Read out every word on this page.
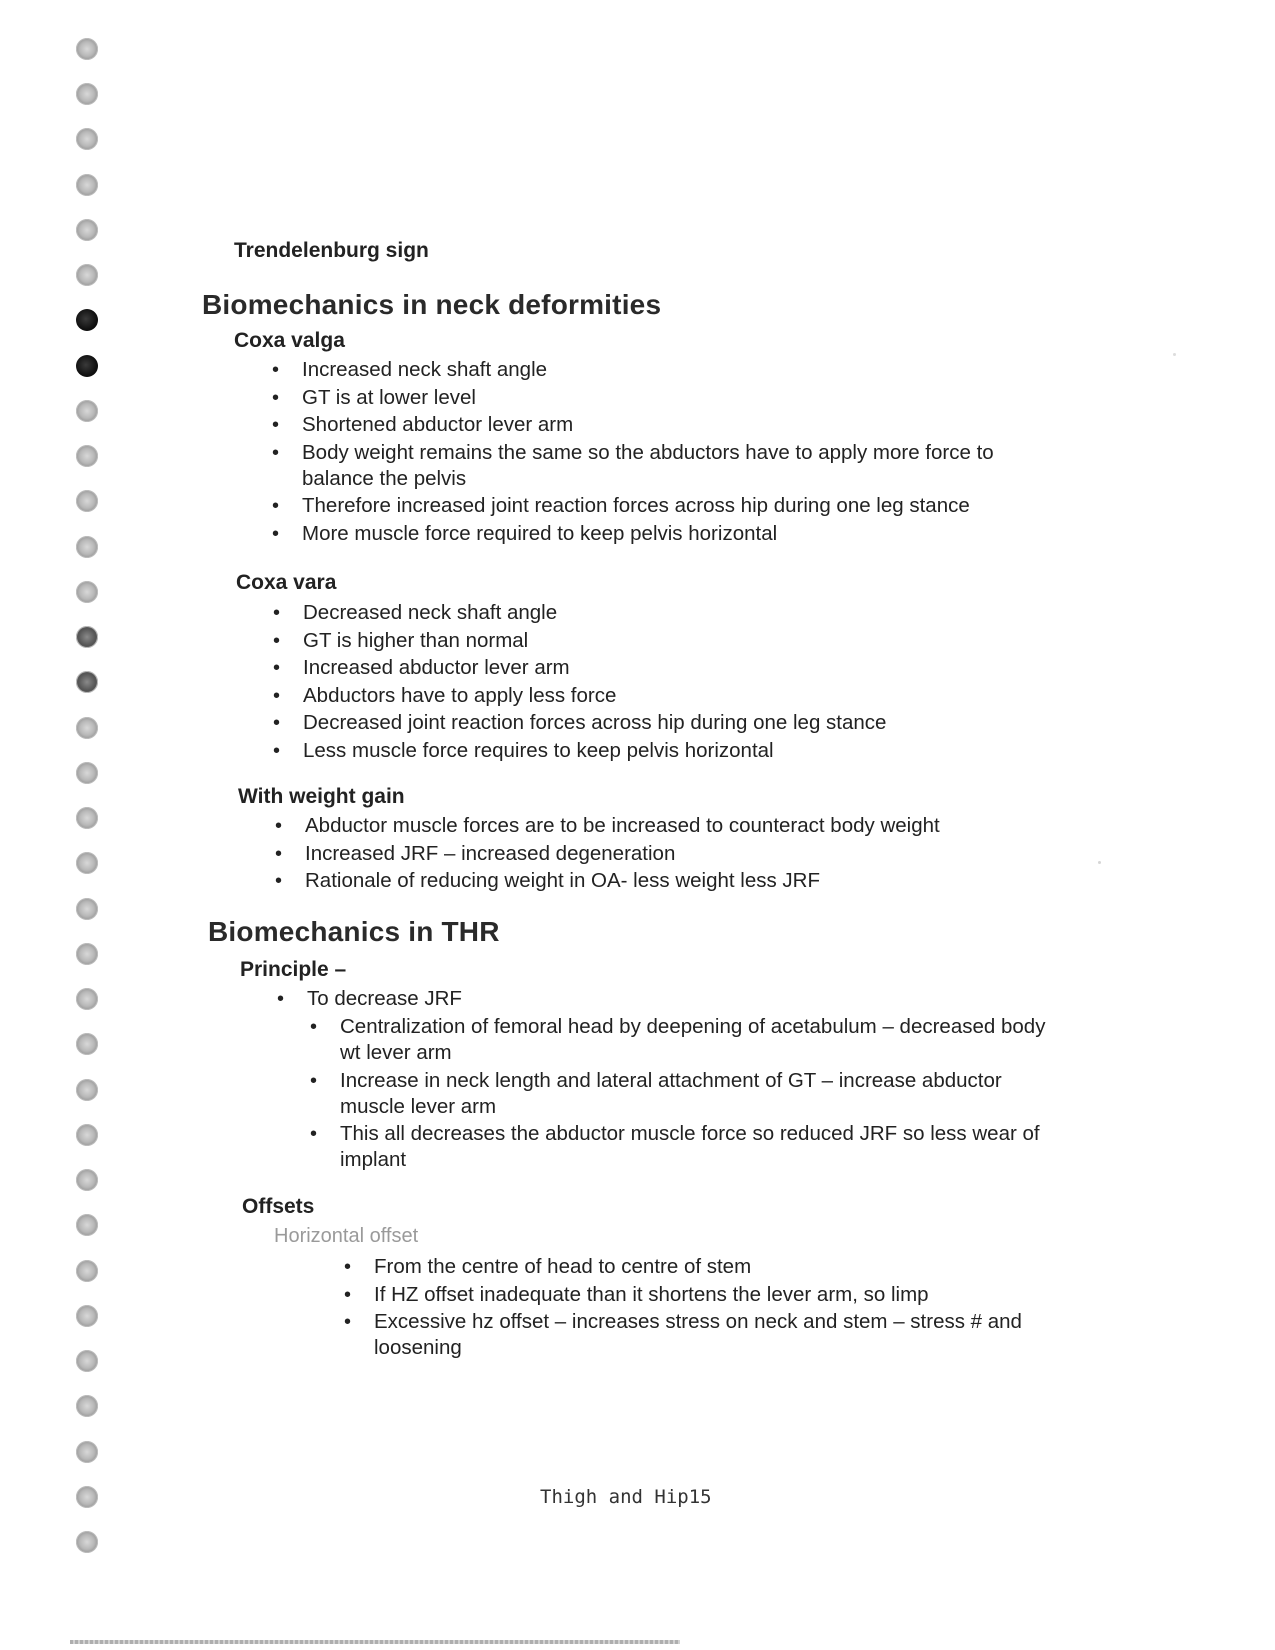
Trendelenburg sign
Biomechanics in neck deformities
Coxa valga
• Increased neck shaft angle
• GT is at lower level
• Shortened abductor lever arm
• Body weight remains the same so the abductors have to apply more force to balance the pelvis
• Therefore increased joint reaction forces across hip during one leg stance
• More muscle force required to keep pelvis horizontal
Coxa vara
• Decreased neck shaft angle
• GT is higher than normal
• Increased abductor lever arm
• Abductors have to apply less force
• Decreased joint reaction forces across hip during one leg stance
• Less muscle force requires to keep pelvis horizontal
With weight gain
• Abductor muscle forces are to be increased to counteract body weight
• Increased JRF – increased degeneration
• Rationale of reducing weight in OA- less weight less JRF
Biomechanics in THR
Principle –
• To decrease JRF
• Centralization of femoral head by deepening of acetabulum – decreased body wt lever arm
• Increase in neck length and lateral attachment of GT – increase abductor muscle lever arm
• This all decreases the abductor muscle force so reduced JRF so less wear of implant
Offsets
Horizontal offset
• From the centre of head to centre of stem
• If HZ offset inadequate than it shortens the lever arm, so limp
• Excessive hz offset – increases stress on neck and stem – stress # and loosening
Thigh and Hip15
